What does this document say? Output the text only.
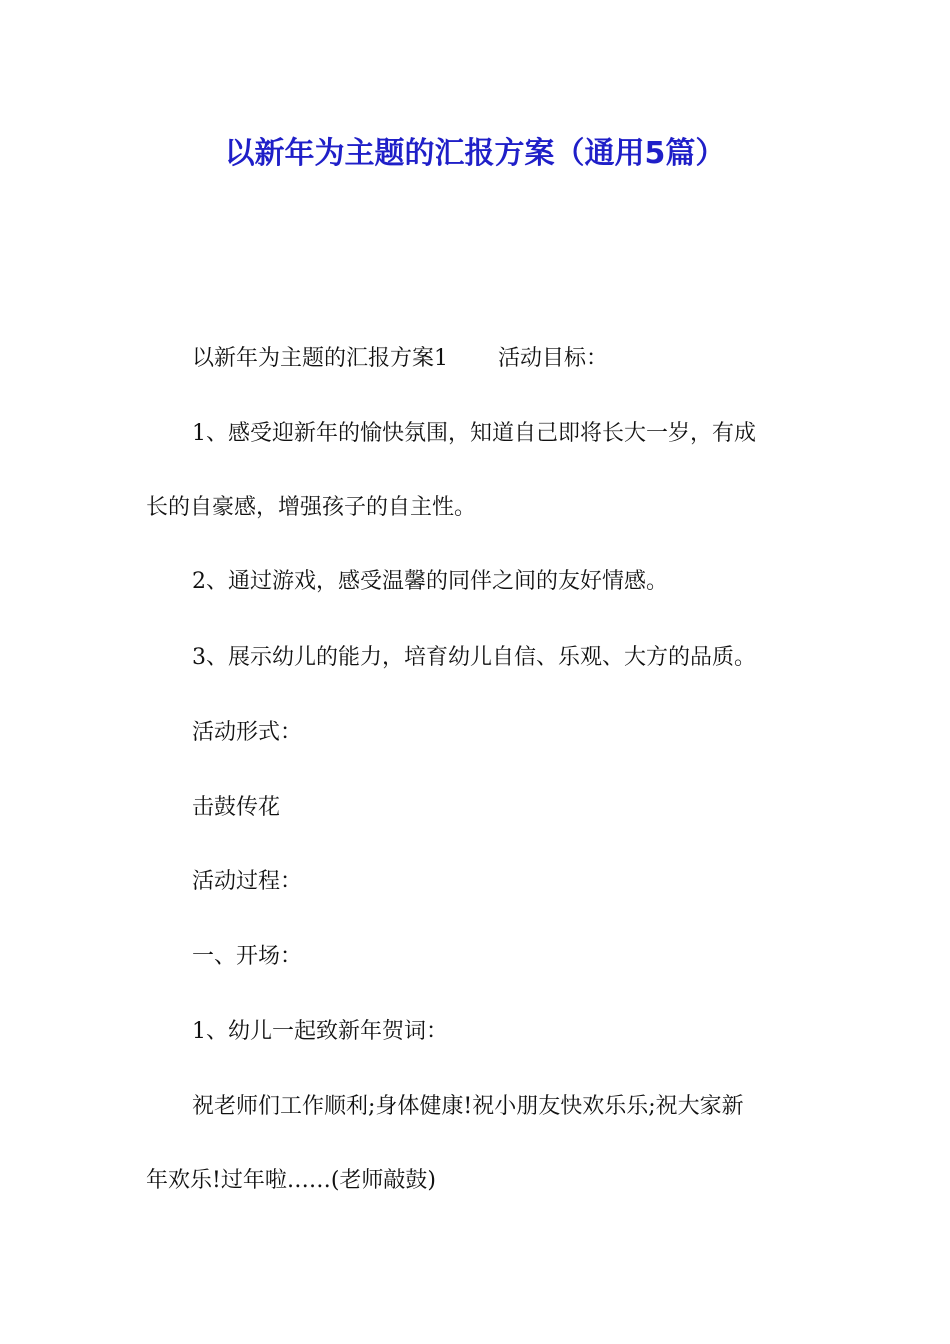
以新年为主题的汇报方案（通用5篇）

以新年为主题的汇报方案1 活动目标：

1、感受迎新年的愉快氛围，知道自己即将长大一岁，有成

长的自豪感，增强孩子的自主性。

2、通过游戏，感受温馨的同伴之间的友好情感。

3、展示幼儿的能力，培育幼儿自信、乐观、大方的品质。

活动形式：

击鼓传花

活动过程：

一、开场：

1、幼儿一起致新年贺词：

祝老师们工作顺利;身体健康!祝小朋友快欢乐乐;祝大家新

年欢乐!过年啦……(老师敲鼓)
